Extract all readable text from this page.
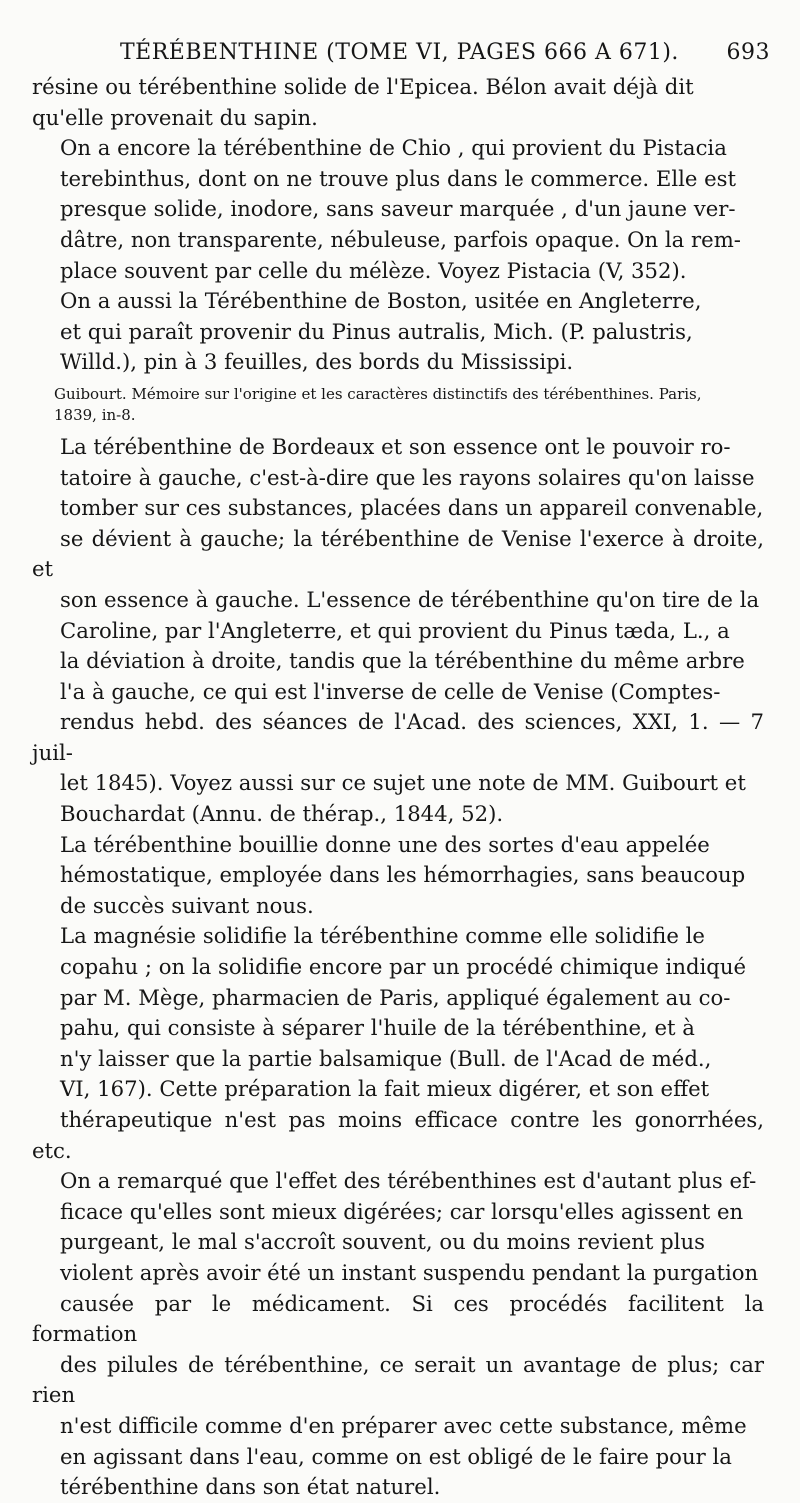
TÉRÉBENTHINE (TOME VI, PAGES 666 A 671). 693

résine ou térébenthine solide de l'Epicea. Bélon avait déjà dit
qu'elle provenait du sapin.

On a encore la térébenthine de Chio , qui provient du Pistacia
terebinthus, dont on ne trouve plus dans le commerce. Elle est
presque solide, inodore, sans saveur marquée , d'un jaune ver-
dâtre, non transparente, nébuleuse, parfois opaque. On la rem-
place souvent par celle du mélèze. Voyez Pistacia (V, 352).

On a aussi la Térébenthine de Boston, usitée en Angleterre,
et qui paraît provenir du Pinus autralis, Mich. (P. palustris,
Willd.), pin à 3 feuilles, des bords du Mississipi.

Guibourt. Mémoire sur l'origine et les caractères distinctifs des térébenthines. Paris,
1839, in-8.

La térébenthine de Bordeaux et son essence ont le pouvoir ro-
tatoire à gauche, c'est-à-dire que les rayons solaires qu'on laisse
tomber sur ces substances, placées dans un appareil convenable,
se dévient à gauche; la térébenthine de Venise l'exerce à droite, et
son essence à gauche. L'essence de térébenthine qu'on tire de la
Caroline, par l'Angleterre, et qui provient du Pinus tæda, L., a
la déviation à droite, tandis que la térébenthine du même arbre
l'a à gauche, ce qui est l'inverse de celle de Venise (Comptes-
rendus hebd. des séances de l'Acad. des sciences, XXI, 1. — 7 juil-
let 1845). Voyez aussi sur ce sujet une note de MM. Guibourt et
Bouchardat (Annu. de thérap., 1844, 52).

La térébenthine bouillie donne une des sortes d'eau appelée
hémostatique, employée dans les hémorrhagies, sans beaucoup
de succès suivant nous.

La magnésie solidifie la térébenthine comme elle solidifie le
copahu ; on la solidifie encore par un procédé chimique indiqué
par M. Mège, pharmacien de Paris, appliqué également au co-
pahu, qui consiste à séparer l'huile de la térébenthine, et à
n'y laisser que la partie balsamique (Bull. de l'Acad de méd.,
VI, 167). Cette préparation la fait mieux digérer, et son effet
thérapeutique n'est pas moins efficace contre les gonorrhées, etc.
On a remarqué que l'effet des térébenthines est d'autant plus ef-
ficace qu'elles sont mieux digérées; car lorsqu'elles agissent en
purgeant, le mal s'accroît souvent, ou du moins revient plus
violent après avoir été un instant suspendu pendant la purgation
causée par le médicament. Si ces procédés facilitent la formation
des pilules de térébenthine, ce serait un avantage de plus; car rien
n'est difficile comme d'en préparer avec cette substance, même
en agissant dans l'eau, comme on est obligé de le faire pour la
térébenthine dans son état naturel.
